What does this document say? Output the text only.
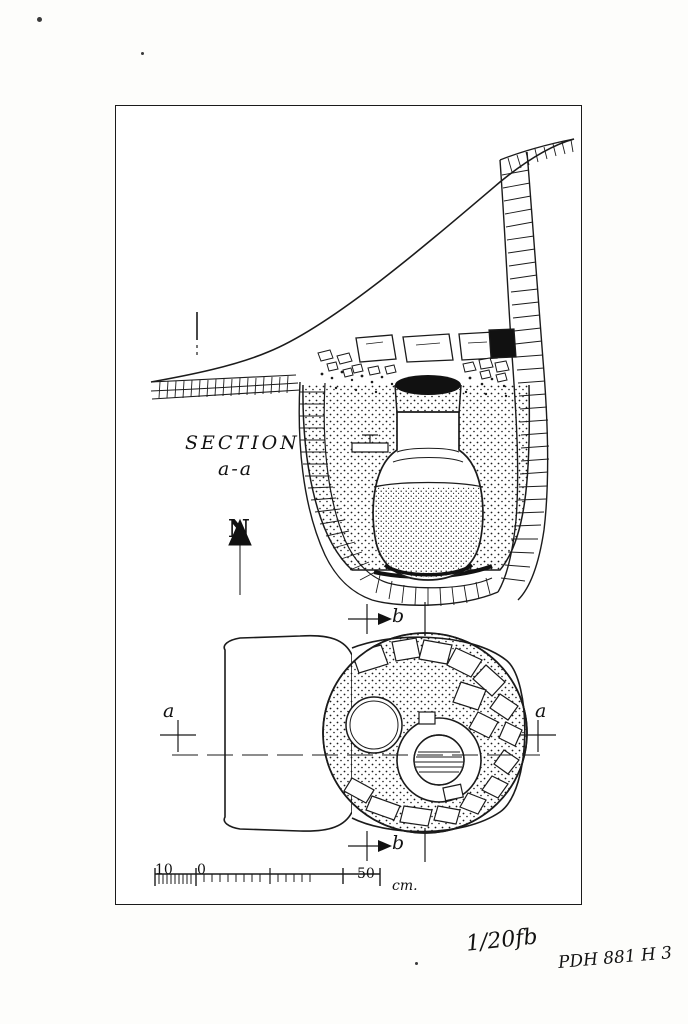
SECTION
a-a
N
a	a
b
b
10 0	50
cm.
1/20fb
PDH 881 H 3
